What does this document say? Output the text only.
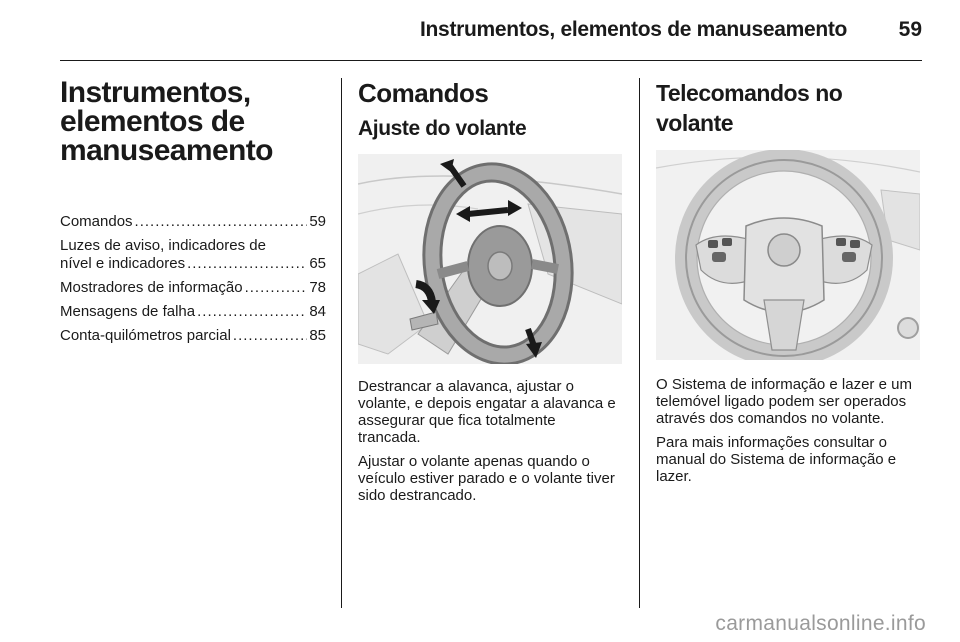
Instrumentos, elementos de manuseamento 59
Instrumentos,
elementos de
manuseamento
Comandos .....	59
Luzes de aviso, indicadores de
nível e indicadores .....	65
Mostradores de informação .....	78
Mensagens de falha .....	84
Conta-quilómetros parcial .....	85
Comandos
Ajuste do volante

Destrancar a alavanca, ajustar o volante, e depois engatar a alavanca e assegurar que fica totalmente trancada.

Ajustar o volante apenas quando o veículo estiver parado e o volante tiver sido destrancado.

Telecomandos no volante

O Sistema de informação e lazer e um telemóvel ligado podem ser operados através dos comandos no volante.

Para mais informações consultar o manual do Sistema de informação e lazer.

carmanualsonline.info
